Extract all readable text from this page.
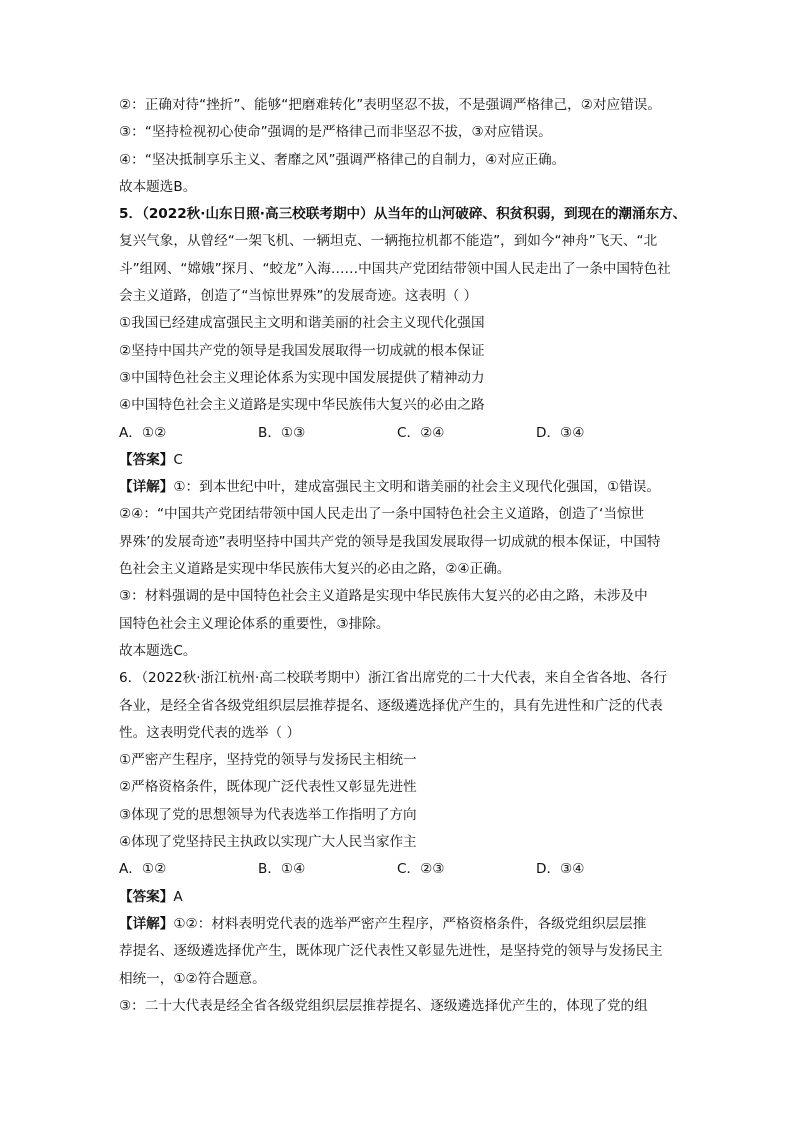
②：正确对待“挫折”、能够“把磨难转化”表明坚忍不拔，不是强调严格律己，②对应错误。
③：“坚持检视初心使命”强调的是严格律己而非坚忍不拔，③对应错误。
④：“坚决抵制享乐主义、奢靡之风”强调严格律己的自制力，④对应正确。
故本题选B。
5．（2022秋·山东日照·高三校联考期中）从当年的山河破碎、积贫积弱，到现在的潮涌东方、
复兴气象，从曾经“一架飞机、一辆坦克、一辆拖拉机都不能造”，到如今“神舟”飞天、“北
斗”组网、“嫦娥”探月、“蛟龙”入海……中国共产党团结带领中国人民走出了一条中国特色社
会主义道路，创造了“当惊世界殊”的发展奇迹。这表明（ ）
①我国已经建成富强民主文明和谐美丽的社会主义现代化强国
②坚持中国共产党的领导是我国发展取得一切成就的根本保证
③中国特色社会主义理论体系为实现中国发展提供了精神动力
④中国特色社会主义道路是实现中华民族伟大复兴的必由之路
A．①②	B．①③	C．②④	D．③④
【答案】C
【详解】①：到本世纪中叶，建成富强民主文明和谐美丽的社会主义现代化强国，①错误。
②④：“中国共产党团结带领中国人民走出了一条中国特色社会主义道路，创造了‘当惊世
界殊’的发展奇迹”表明坚持中国共产党的领导是我国发展取得一切成就的根本保证，中国特
色社会主义道路是实现中华民族伟大复兴的必由之路，②④正确。
③：材料强调的是中国特色社会主义道路是实现中华民族伟大复兴的必由之路，未涉及中
国特色社会主义理论体系的重要性，③排除。
故本题选C。
6．（2022秋·浙江杭州·高二校联考期中）浙江省出席党的二十大代表，来自全省各地、各行
各业，是经全省各级党组织层层推荐提名、逐级遴选择优产生的，具有先进性和广泛的代表
性。这表明党代表的选举（ ）
①严密产生程序，坚持党的领导与发扬民主相统一
②严格资格条件，既体现广泛代表性又彰显先进性
③体现了党的思想领导为代表选举工作指明了方向
④体现了党坚持民主执政以实现广大人民当家作主
A．①②	B．①④	C．②③	D．③④
【答案】A
【详解】①②：材料表明党代表的选举严密产生程序，严格资格条件，各级党组织层层推
荐提名、逐级遴选择优产生，既体现广泛代表性又彰显先进性，是坚持党的领导与发扬民主
相统一，①②符合题意。
③：二十大代表是经全省各级党组织层层推荐提名、逐级遴选择优产生的，体现了党的组
